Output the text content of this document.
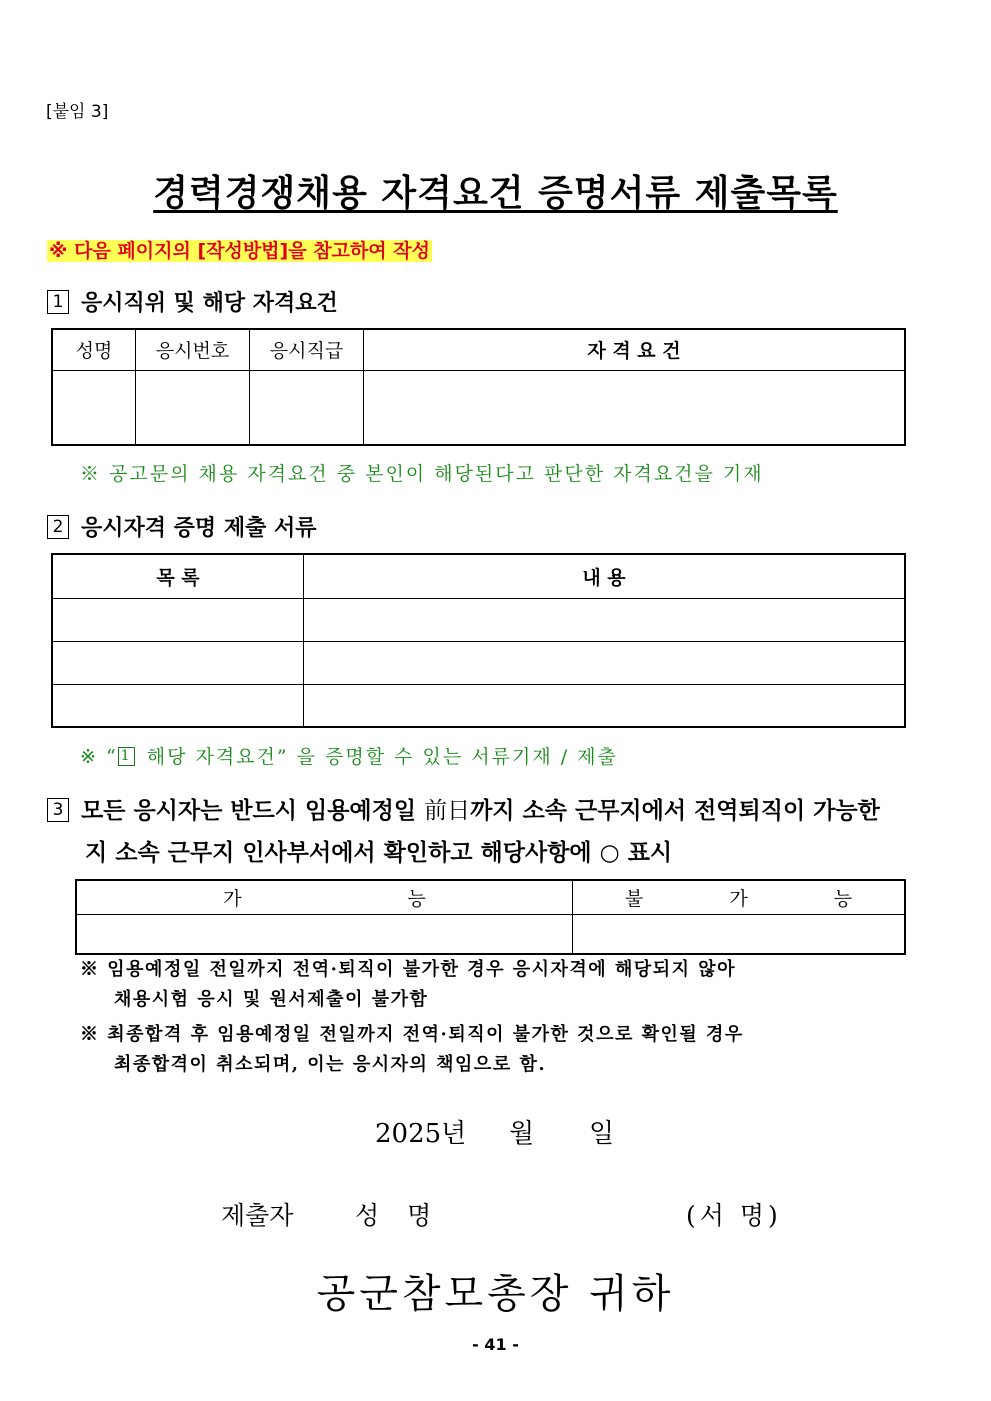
[붙임 3]
경력경쟁채용 자격요건 증명서류 제출목록
※ 다음 페이지의 [작성방법]을 참고하여 작성
1 응시직위 및 해당 자격요건
성명	응시번호	응시직급	자 격 요 건

※ 공고문의 채용 자격요건 중 본인이 해당된다고 판단한 자격요건을 기재
2 응시자격 증명 제출 서류
목 록	내 용

※ “ 1 해당 자격요건” 을 증명할 수 있는 서류기재 / 제출
3 모든 응시자는 반드시 임용예정일 前日까지 소속 근무지에서 전역퇴직이 가능한
지 소속 근무지 인사부서에서 확인하고 해당사항에 ○ 표시
가 능	불 가 능

※ 임용예정일 전일까지 전역·퇴직이 불가한 경우 응시자격에 해당되지 않아
채용시험 응시 및 원서제출이 불가함
※ 최종합격 후 임용예정일 전일까지 전역·퇴직이 불가한 것으로 확인될 경우
최종합격이 취소되며, 이는 응시자의 책임으로 함.
2025년 월 일
제출자 성 명	(서 명)
공군참모총장 귀하
- 41 -
